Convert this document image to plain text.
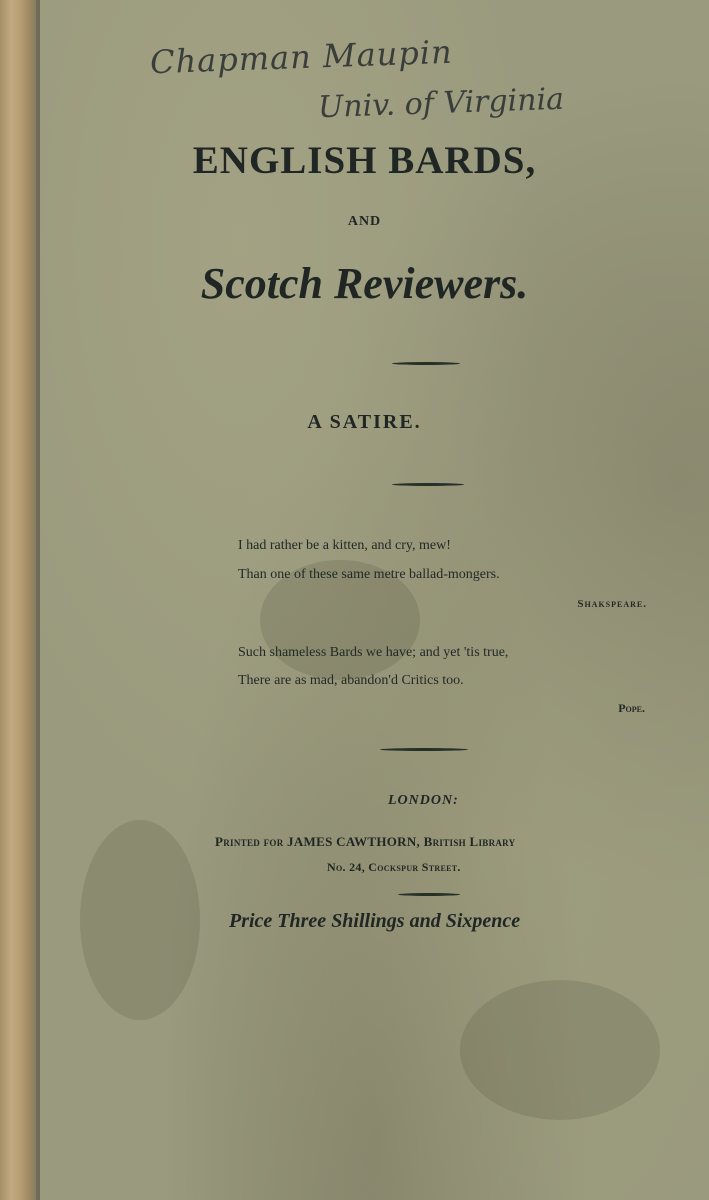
Chapman Maupin
Univ. of Virginia
ENGLISH BARDS,
AND
Scotch Reviewers.
A SATIRE.
I had rather be a kitten, and cry, mew!
Than one of these same metre ballad-mongers.
Shakspeare.
Such shameless Bards we have; and yet 'tis true,
There are as mad, abandon'd Critics too.
Pope.
LONDON:
Printed for JAMES CAWTHORN, British Library
No. 24, Cockspur Street.
Price Three Shillings and Sixpence
